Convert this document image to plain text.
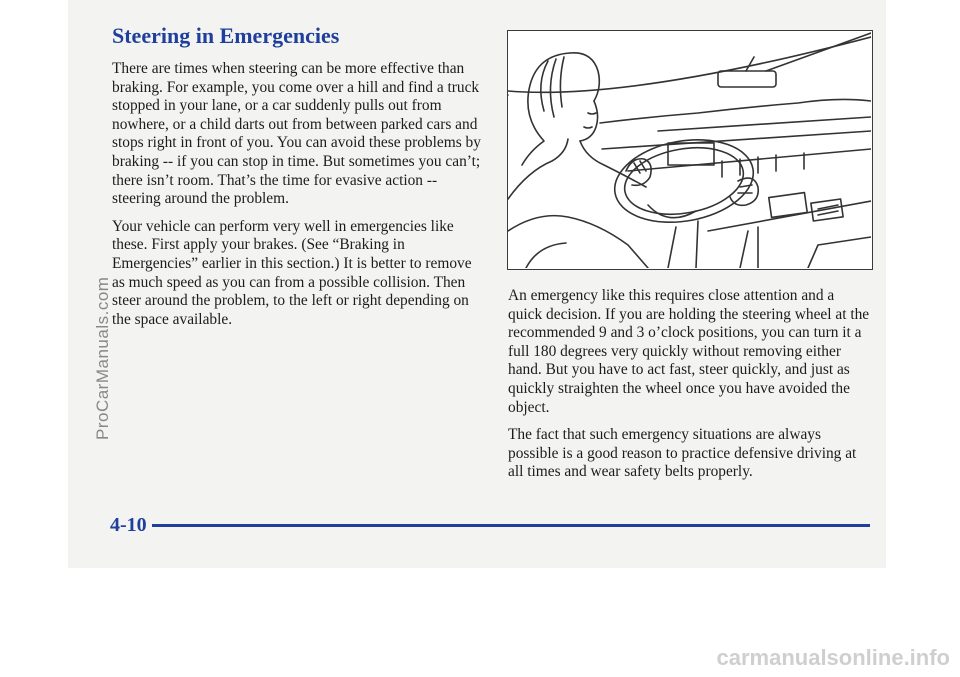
Steering in Emergencies

There are times when steering can be more effective than braking. For example, you come over a hill and find a truck stopped in your lane, or a car suddenly pulls out from nowhere, or a child darts out from between parked cars and stops right in front of you. You can avoid these problems by braking -- if you can stop in time. But sometimes you can’t; there isn’t room. That’s the time for evasive action -- steering around the problem.

Your vehicle can perform very well in emergencies like these. First apply your brakes. (See “Braking in Emergencies” earlier in this section.) It is better to remove as much speed as you can from a possible collision. Then steer around the problem, to the left or right depending on the space available.

An emergency like this requires close attention and a quick decision. If you are holding the steering wheel at the recommended 9 and 3 o’clock positions, you can turn it a full 180 degrees very quickly without removing either hand. But you have to act fast, steer quickly, and just as quickly straighten the wheel once you have avoided the object.

The fact that such emergency situations are always possible is a good reason to practice defensive driving at all times and wear safety belts properly.

4-10
ProCarManuals.com
carmanualsonline.info
